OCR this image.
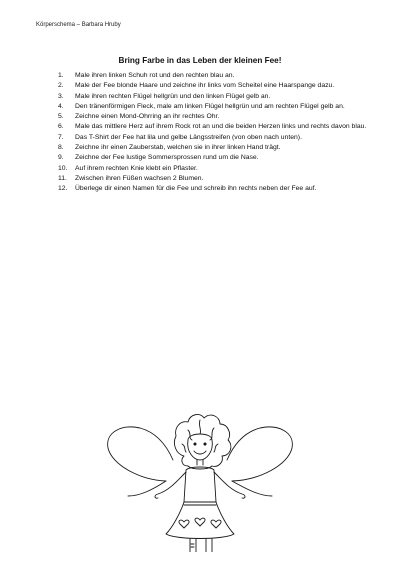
Körperschema – Barbara Hruby
Bring Farbe in das Leben der kleinen Fee!
1. Male ihren linken Schuh rot und den rechten blau an.
2. Male der Fee blonde Haare und zeichne ihr links vom Scheitel eine Haarspange dazu.
3. Male ihren rechten Flügel hellgrün und den linken Flügel gelb an.
4. Den tränenförmigen Fleck, male am linken Flügel hellgrün und am rechten Flügel gelb an.
5. Zeichne einen Mond-Ohrring an ihr rechtes Ohr.
6. Male das mittlere Herz auf ihrem Rock rot an und die beiden Herzen links und rechts davon blau.
7. Das T-Shirt der Fee hat lila und gelbe Längsstreifen (von oben nach unten).
8. Zeichne ihr einen Zauberstab, welchen sie in ihrer linken Hand trägt.
9. Zeichne der Fee lustige Sommersprossen rund um die Nase.
10. Auf ihrem rechten Knie klebt ein Pflaster.
11. Zwischen ihren Füßen wachsen 2 Blumen.
12. Überlege dir einen Namen für die Fee und schreib ihn rechts neben der Fee auf.
